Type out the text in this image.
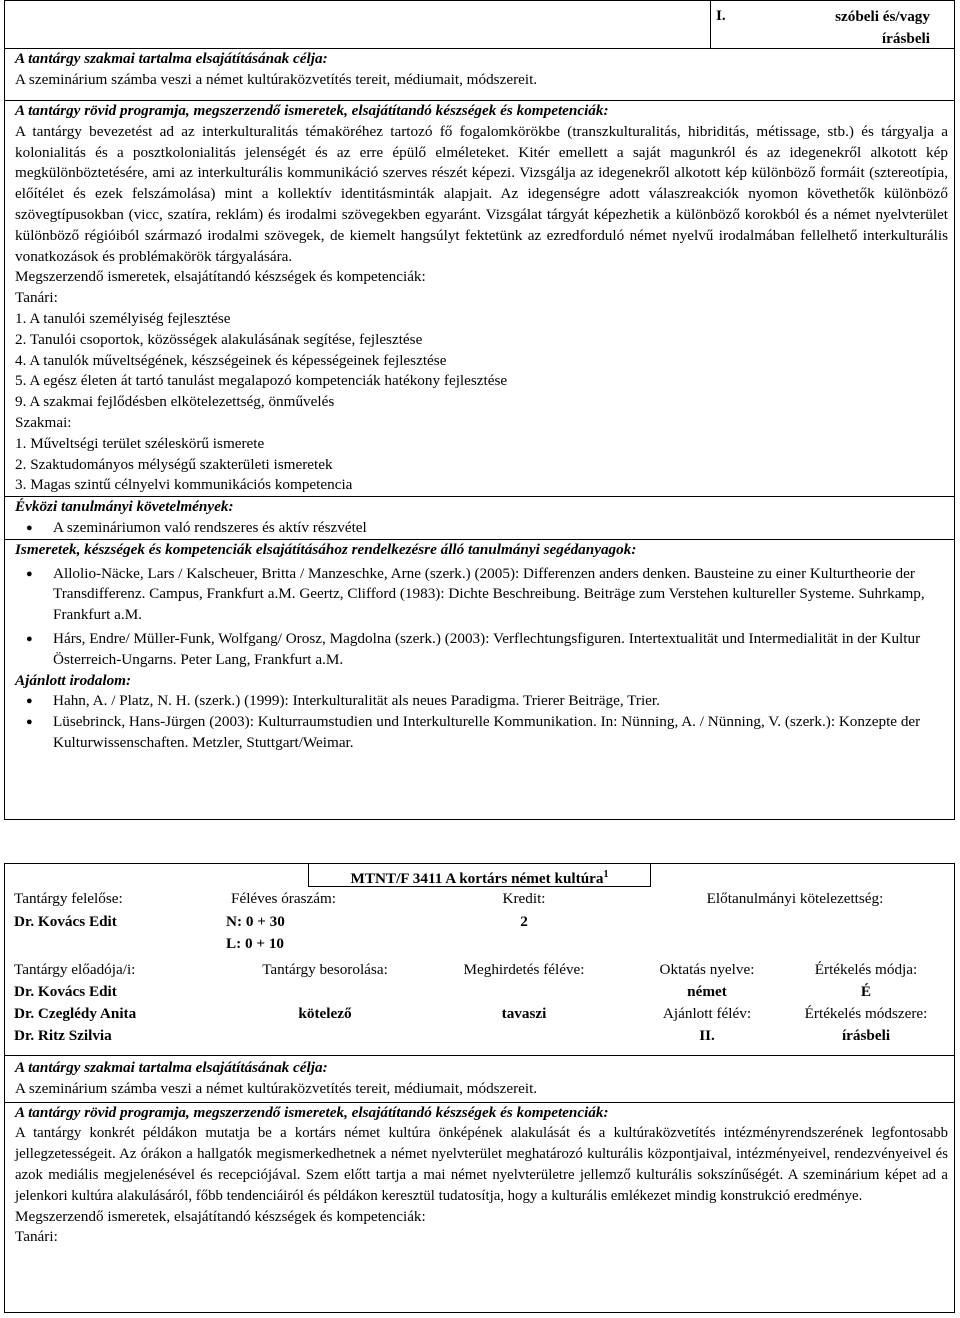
I.	szóbeli és/vagy írásbeli
A tantárgy szakmai tartalma elsajátításának célja:
A szeminárium számba veszi a német kultúraközvetítés tereit, médiumait, módszereit.
A tantárgy rövid programja, megszerzendő ismeretek, elsajátítandó készségek és kompetenciák:
A tantárgy bevezetést ad az interkulturalitás témaköréhez tartozó fő fogalomkörökbe (transzkulturalitás, hibriditás, métissage, stb.) és tárgyalja a kolonialitás és a posztkolonialitás jelenségét és az erre épülő elméleteket. Kitér emellett a saját magunkról és az idegenekről alkotott kép megkülönböztetésére, ami az interkulturális kommunikáció szerves részét képezi. Vizsgálja az idegenekről alkotott kép különböző formáit (sztereotípia, előítélet és ezek felszámolása) mint a kollektív identitásminták alapjait. Az idegenségre adott válaszreakciók nyomon követhetők különböző szövegtípusokban (vicc, szatíra, reklám) és irodalmi szövegekben egyaránt. Vizsgálat tárgyát képezhetik a különböző korokból és a német nyelvterület különböző régióiból származó irodalmi szövegek, de kiemelt hangsúlyt fektetünk az ezredforduló német nyelvű irodalmában fellelhető interkulturális vonatkozások és problémakörök tárgyalására.
Megszerzendő ismeretek, elsajátítandó készségek és kompetenciák:
Tanári:
1. A tanulói személyiség fejlesztése
2. Tanulói csoportok, közösségek alakulásának segítése, fejlesztése
4. A tanulók műveltségének, készségeinek és képességeinek fejlesztése
5. A egész életen át tartó tanulást megalapozó kompetenciák hatékony fejlesztése
9. A szakmai fejlődésben elkötelezettség, önművelés
Szakmai:
1. Műveltségi terület széleskörű ismerete
2. Szaktudományos mélységű szakterületi ismeretek
3. Magas szintű célnyelvi kommunikációs kompetencia
Évközi tanulmányi követelmények:
● A szemináriumon való rendszeres és aktív részvétel
Ismeretek, készségek és kompetenciák elsajátításához rendelkezésre álló tanulmányi segédanyagok:
● Allolio-Näcke, Lars / Kalscheuer, Britta / Manzeschke, Arne (szerk.) (2005): Differenzen anders denken. Bausteine zu einer Kulturtheorie der Transdifferenz. Campus, Frankfurt a.M. Geertz, Clifford (1983): Dichte Beschreibung. Beiträge zum Verstehen kultureller Systeme. Suhrkamp, Frankfurt a.M.
● Hárs, Endre/ Müller-Funk, Wolfgang/ Orosz, Magdolna (szerk.) (2003): Verflechtungsfiguren. Intertextualität und Intermedialität in der Kultur Österreich-Ungarns. Peter Lang, Frankfurt a.M.
Ajánlott irodalom:
● Hahn, A. / Platz, N. H. (szerk.) (1999): Interkulturalität als neues Paradigma. Trierer Beiträge, Trier.
● Lüsebrinck, Hans-Jürgen (2003): Kulturraumstudien und Interkulturelle Kommunikation. In: Nünning, A. / Nünning, V. (szerk.): Konzepte der Kulturwissenschaften. Metzler, Stuttgart/Weimar.
MTNT/F 3411 A kortárs német kultúra$^1$
Tantárgy felelőse:
Dr. Kovács Edit
Féléves óraszám:
N: 0 + 30
L: 0 + 10
Kredit:
2
Előtanulmányi kötelezettség:
Tantárgy előadója/i:
Dr. Kovács Edit
Dr. Czeglédy Anita
Dr. Ritz Szilvia
Tantárgy besorolása:
kötelező
Meghirdetés féléve:
tavaszi
Oktatás nyelve:
német
Ajánlott félév:
II.
Értékelés módja:
É
Értékelés módszere:
írásbeli
A tantárgy szakmai tartalma elsajátításának célja:
A szeminárium számba veszi a német kultúraközvetítés tereit, médiumait, módszereit.
A tantárgy rövid programja, megszerzendő ismeretek, elsajátítandó készségek és kompetenciák:
A tantárgy konkrét példákon mutatja be a kortárs német kultúra önképének alakulását és a kultúraközvetítés intézményrendszerének legfontosabb jellegzetességeit. Az órákon a hallgatók megismerkedhetnek a német nyelvterület meghatározó kulturális központjaival, intézményeivel, rendezvényeivel és azok mediális megjelenésével és recepciójával. Szem előtt tartja a mai német nyelvterületre jellemző kulturális sokszínűségét. A szeminárium képet ad a jelenkori kultúra alakulásáról, főbb tendenciáiról és példákon keresztül tudatosítja, hogy a kulturális emlékezet mindig konstrukció eredménye.
Megszerzendő ismeretek, elsajátítandó készségek és kompetenciák:
Tanári:
